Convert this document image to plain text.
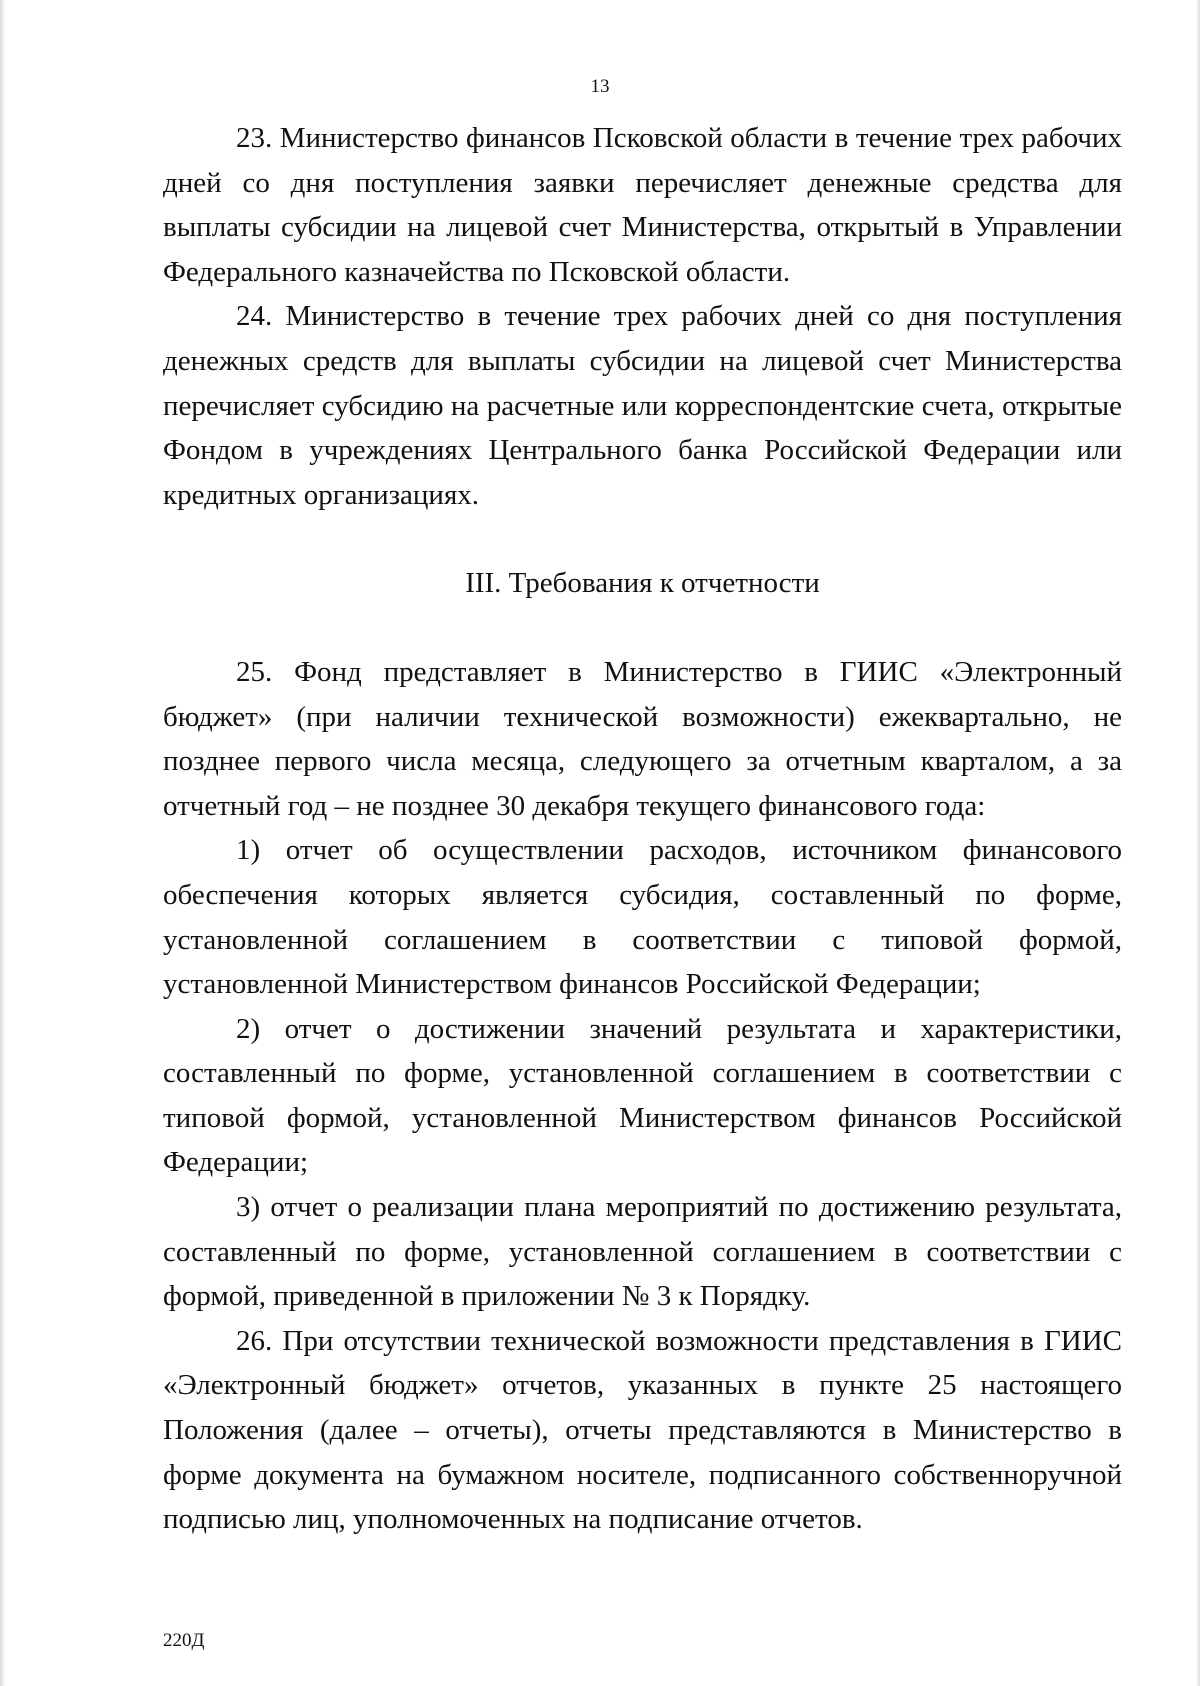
13

23. Министерство финансов Псковской области в течение трех рабочих дней со дня поступления заявки перечисляет денежные средства для выплаты субсидии на лицевой счет Министерства, открытый в Управлении Федерального казначейства по Псковской области.

24. Министерство в течение трех рабочих дней со дня поступления денежных средств для выплаты субсидии на лицевой счет Министерства перечисляет субсидию на расчетные или корреспондентские счета, открытые Фондом в учреждениях Центрального банка Российской Федерации или кредитных организациях.

III. Требования к отчетности

25. Фонд представляет в Министерство в ГИИС «Электронный бюджет» (при наличии технической возможности) ежеквартально, не позднее первого числа месяца, следующего за отчетным кварталом, а за отчетный год – не позднее 30 декабря текущего финансового года:

1) отчет об осуществлении расходов, источником финансового обеспечения которых является субсидия, составленный по форме, установленной соглашением в соответствии с типовой формой, установленной Министерством финансов Российской Федерации;

2) отчет о достижении значений результата и характеристики, составленный по форме, установленной соглашением в соответствии с типовой формой, установленной Министерством финансов Российской Федерации;

3) отчет о реализации плана мероприятий по достижению результата, составленный по форме, установленной соглашением в соответствии с формой, приведенной в приложении № 3 к Порядку.

26. При отсутствии технической возможности представления в ГИИС «Электронный бюджет» отчетов, указанных в пункте 25 настоящего Положения (далее – отчеты), отчеты представляются в Министерство в форме документа на бумажном носителе, подписанного собственноручной подписью лиц, уполномоченных на подписание отчетов.

220Д
